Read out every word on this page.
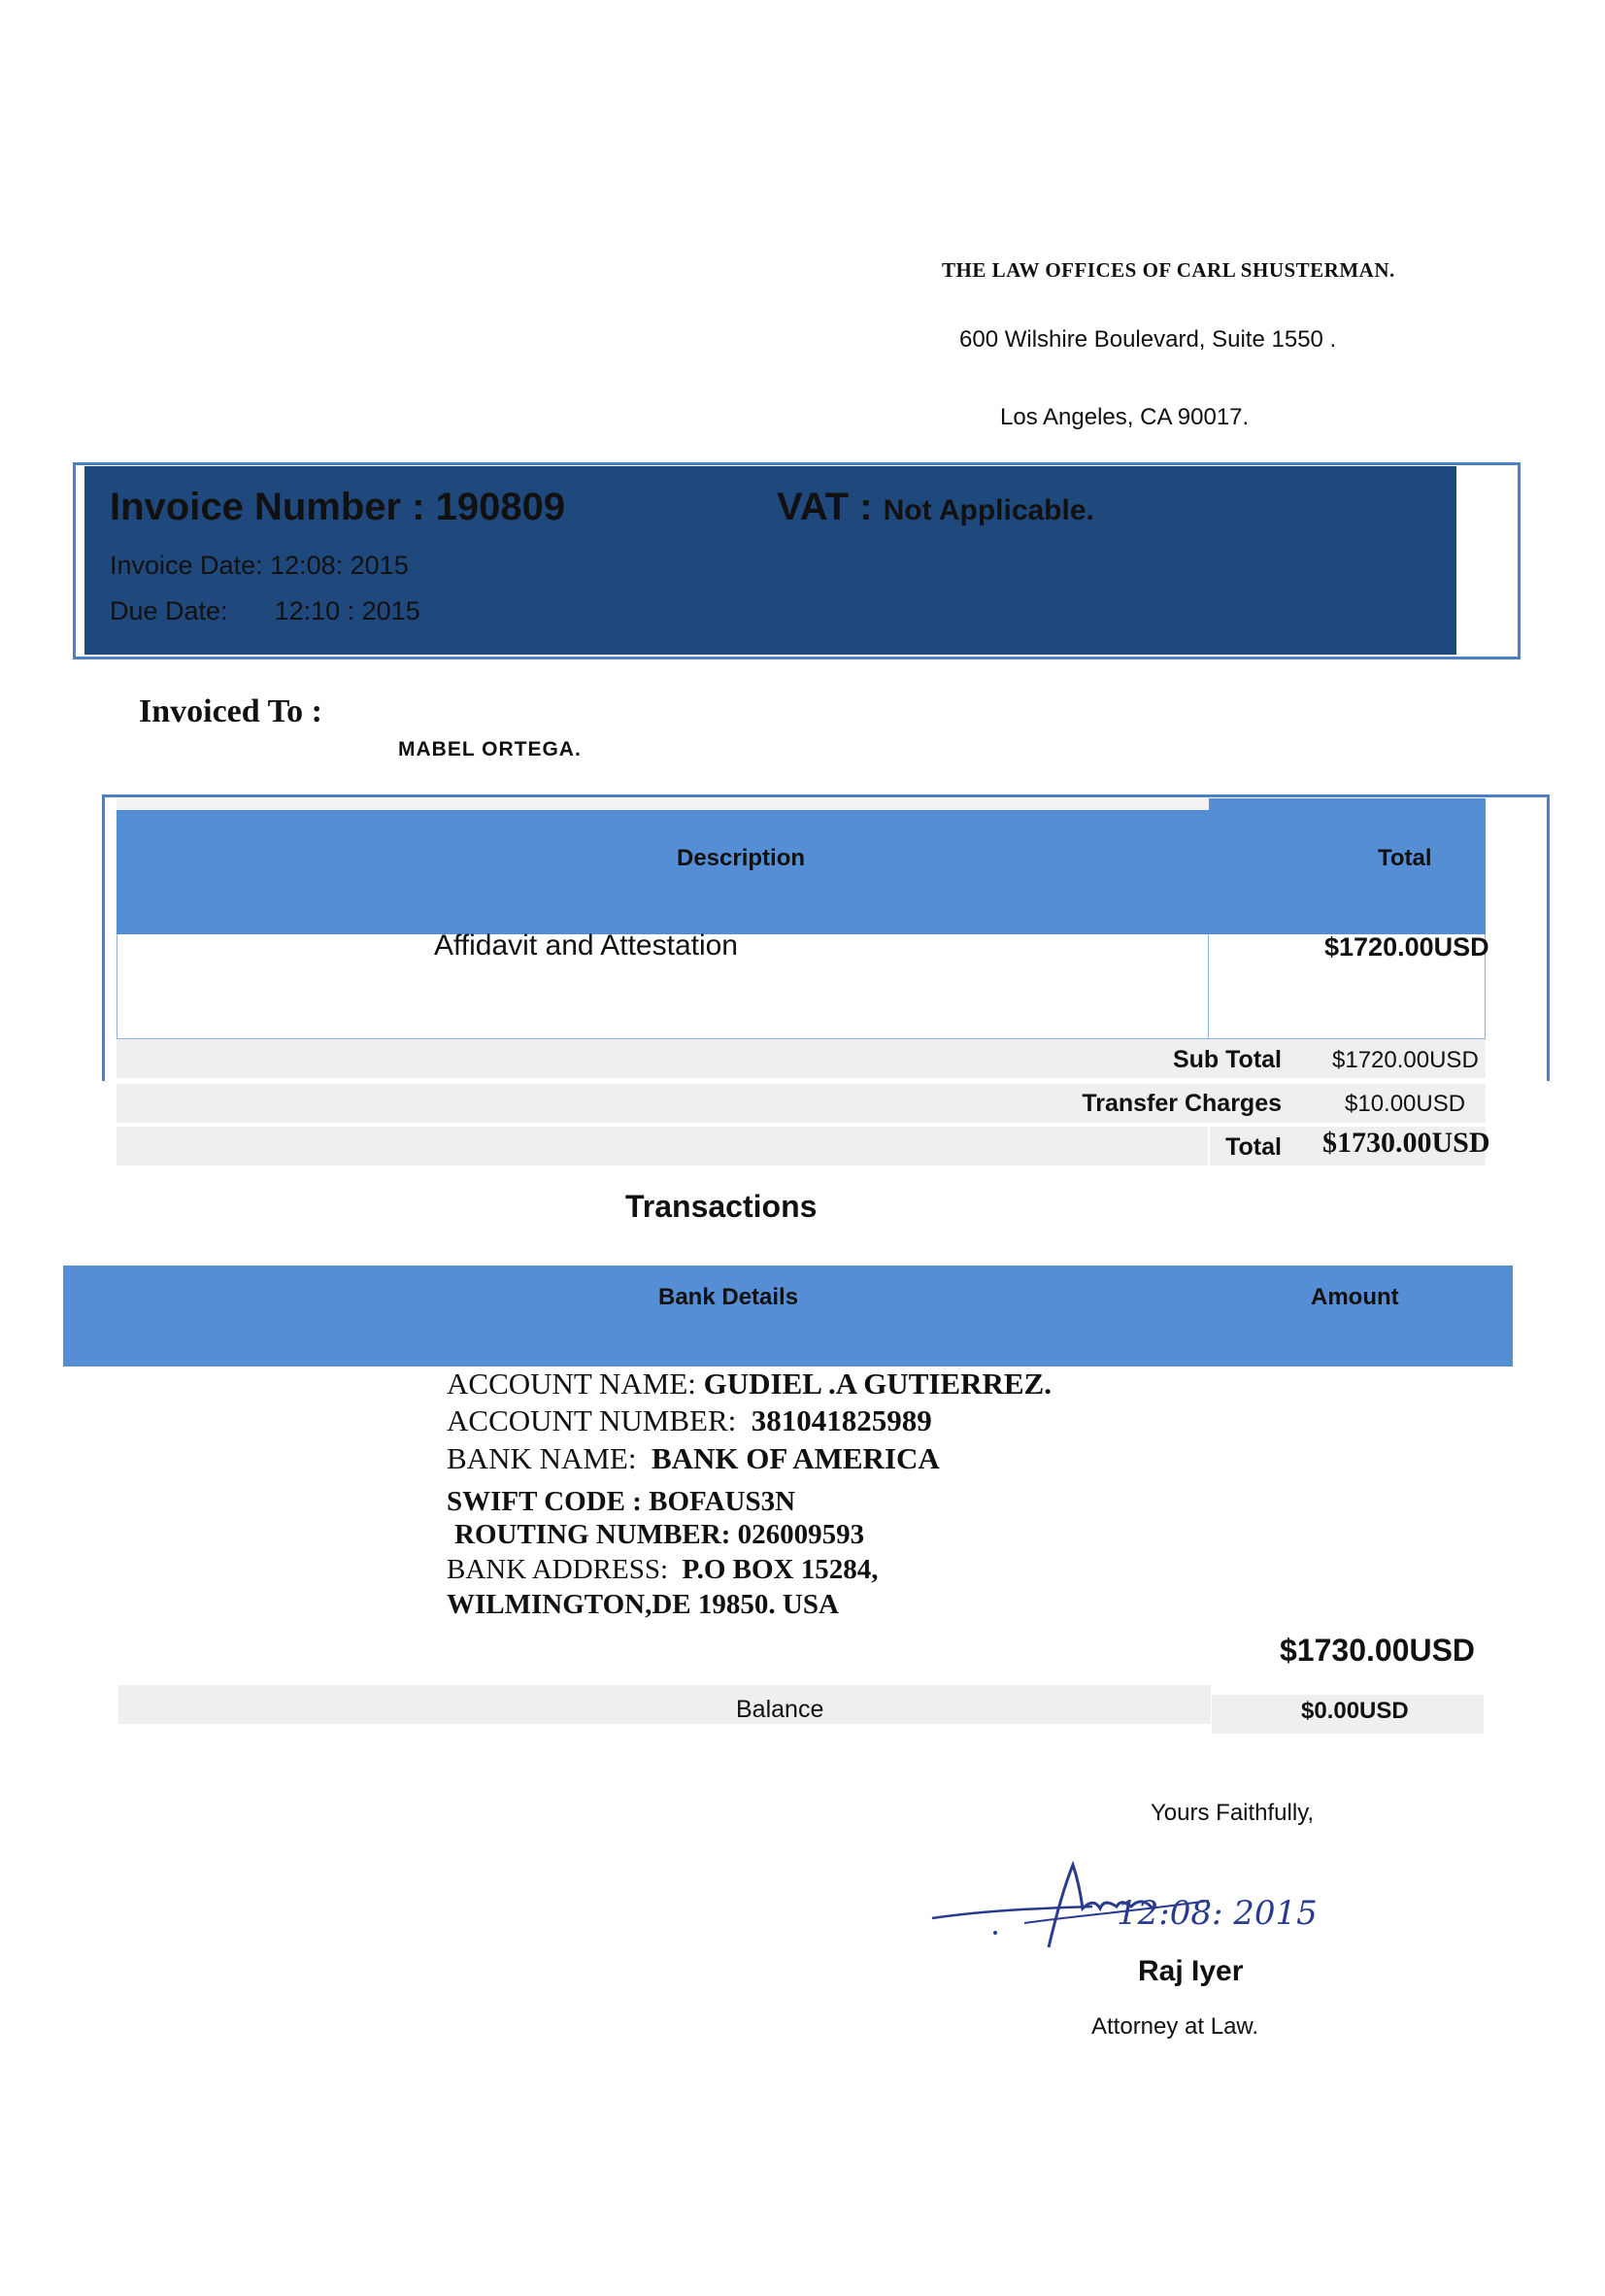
THE LAW OFFICES OF CARL SHUSTERMAN.
600 Wilshire Boulevard, Suite 1550 .
Los Angeles, CA 90017.
Invoice Number : 190809	VAT : Not Applicable.
Invoice Date: 12:08: 2015
Due Date: 12:10 : 2015
Invoiced To :
MABEL ORTEGA.
Description	Total
Affidavit and Attestation	$1720.00USD
Sub Total $1720.00USD
Transfer Charges	$10.00USD
Total $1730.00USD
Transactions
Bank Details	Amount
ACCOUNT NAME: GUDIEL .A GUTIERREZ.
ACCOUNT NUMBER: 381041825989
BANK NAME: BANK OF AMERICA
SWIFT CODE : BOFAUS3N
ROUTING NUMBER: 026009593
BANK ADDRESS: P.O BOX 15284,
WILMINGTON,DE 19850. USA
$1730.00USD
Balance	$0.00USD
Yours Faithfully,
12:08: 2015
Raj Iyer
Attorney at Law.
